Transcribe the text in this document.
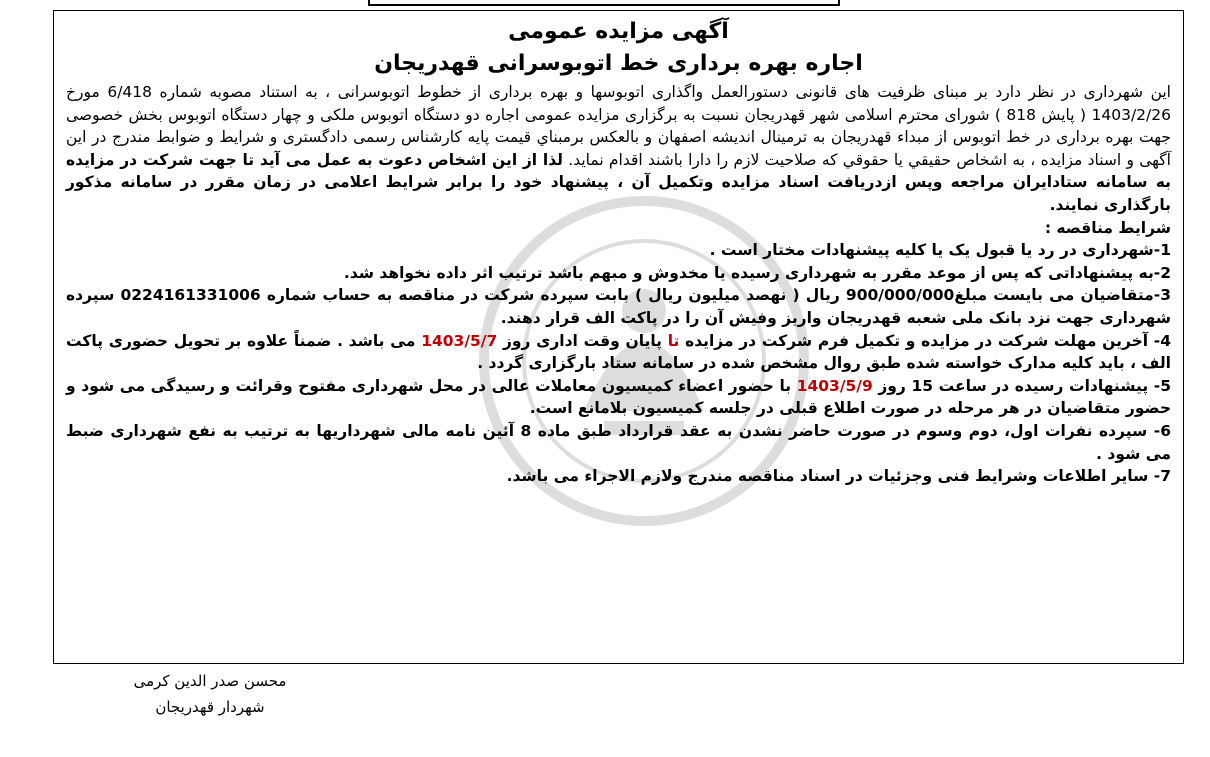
آگهی مزایده عمومی

اجاره بهره برداری خط اتوبوسرانی قهدریجان

این شهرداری در نظر دارد بر مبنای ظرفیت های قانونی دستورالعمل واگذاری اتوبوسها و بهره برداری از خطوط اتوبوسرانی ، به استناد مصوبه شماره 6/418 مورخ 1403/2/26 ( پایش 818 ) شورای محترم اسلامی شهر قهدریجان نسبت به برگزاری مزایده عمومی اجاره دو دستگاه اتوبوس ملکی و چهار دستگاه اتوبوس بخش خصوصی جهت بهره برداری در خط اتوبوس از مبداء قهدریجان به ترمینال اندیشه اصفهان و بالعکس برمبناي قیمت پایه کارشناس رسمی دادگستری و شرایط و ضوابط مندرج در این آگهی و اسناد مزایده ، به اشخاص حقیقي یا حقوقي که صلاحیت لازم را دارا باشند اقدام نماید. لذا از این اشخاص دعوت به عمل می آید تا جهت شرکت در مزایده به سامانه ستادایران مراجعه وپس ازدریافت اسناد مزایده وتکمیل آن ، پیشنهاد خود را برابر شرایط اعلامی در زمان مقرر در سامانه مذکور بارگذاری نمایند.

شرایط مناقصه :

1-شهرداری در رد یا قبول یک یا کلیه پیشنهادات مختار است .

2-به پیشنهاداتی که پس از موعد مقرر به شهرداری رسیده یا مخدوش و مبهم باشد ترتیب اثر داده نخواهد شد.

3-متقاضیان می بایست مبلغ900/000/000 ریال ( نهصد میلیون ریال ) بابت سپرده شرکت در مناقصه به حساب شماره 0224161331006 سپرده شهرداری جهت نزد بانک ملی شعبه قهدریجان واریز وفیش آن را در پاکت الف قرار دهند.

4- آخرین مهلت شرکت در مزایده و تکمیل فرم شرکت در مزایده تا پایان وقت اداری روز 1403/5/7 می باشد . ضمناً علاوه بر تحویل حضوری پاکت الف ، باید کلیه مدارک خواسته شده طبق روال مشخص شده در سامانه ستاد بارگزاری گردد .

5- پیشنهادات رسیده در ساعت 15 روز 1403/5/9 با حضور اعضاء کمیسیون معاملات عالی در محل شهرداری مفتوح وقرائت و رسیدگی می شود و حضور متقاضیان در هر مرحله در صورت اطلاع قبلی در جلسه کمیسیون بلامانع است.

6- سپرده نفرات اول، دوم وسوم در صورت حاضر نشدن به عقد قرارداد طبق ماده 8 آئین نامه مالی شهرداریها به ترتیب به نفع شهرداری ضبط می شود .

7- سایر اطلاعات وشرایط فنی وجزئیات در اسناد مناقصه مندرج ولازم الاجراء می باشد.

محسن صدر الدین کرمی
شهردار قهدریجان
